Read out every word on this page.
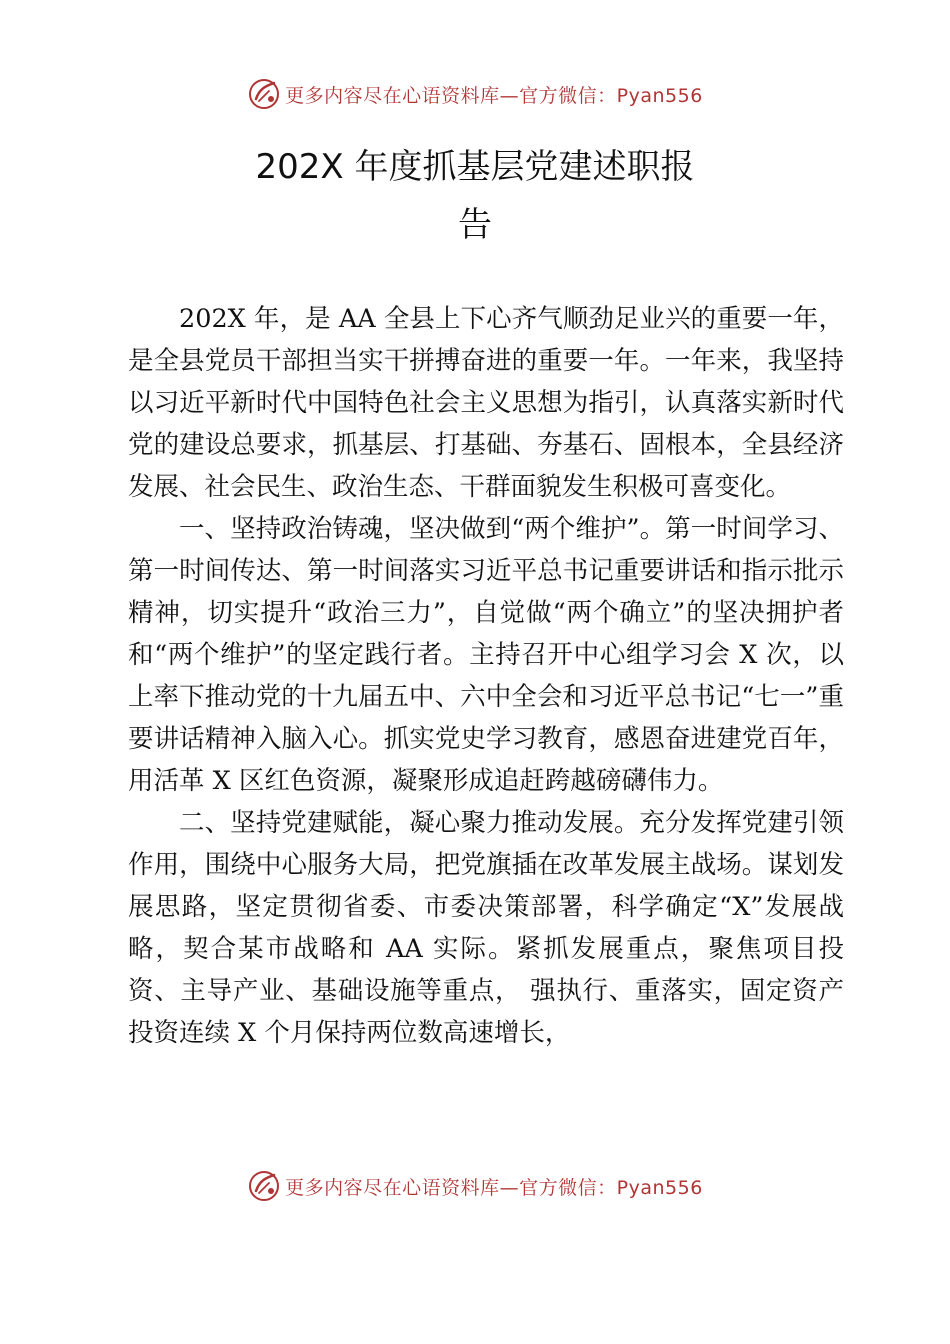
更多内容尽在心语资料库—官方微信：Pyan556
202X 年度抓基层党建述职报
告

202X 年，是 AA 全县上下心齐气顺劲足业兴的重要一年，是全县党员干部担当实干拼搏奋进的重要一年。一年来，我坚持以习近平新时代中国特色社会主义思想为指引，认真落实新时代党的建设总要求，抓基层、打基础、夯基石、固根本，全县经济发展、社会民生、政治生态、干群面貌发生积极可喜变化。

一、坚持政治铸魂，坚决做到“两个维护”。第一时间学习、第一时间传达、第一时间落实习近平总书记重要讲话和指示批示精神，切实提升“政治三力”，自觉做“两个确立”的坚决拥护者和“两个维护”的坚定践行者。主持召开中心组学习会 X 次，以上率下推动党的十九届五中、六中全会和习近平总书记“七一”重要讲话精神入脑入心。抓实党史学习教育，感恩奋进建党百年，用活革 X 区红色资源，凝聚形成追赶跨越磅礴伟力。

二、坚持党建赋能，凝心聚力推动发展。充分发挥党建引领作用，围绕中心服务大局，把党旗插在改革发展主战场。谋划发展思路，坚定贯彻省委、市委决策部署，科学确定“X”发展战略，契合某市战略和 AA 实际。紧抓发展重点，聚焦项目投资、主导产业、基础设施等重点， 强执行、重落实，固定资产投资连续 X 个月保持两位数高速增长，

更多内容尽在心语资料库—官方微信：Pyan556
